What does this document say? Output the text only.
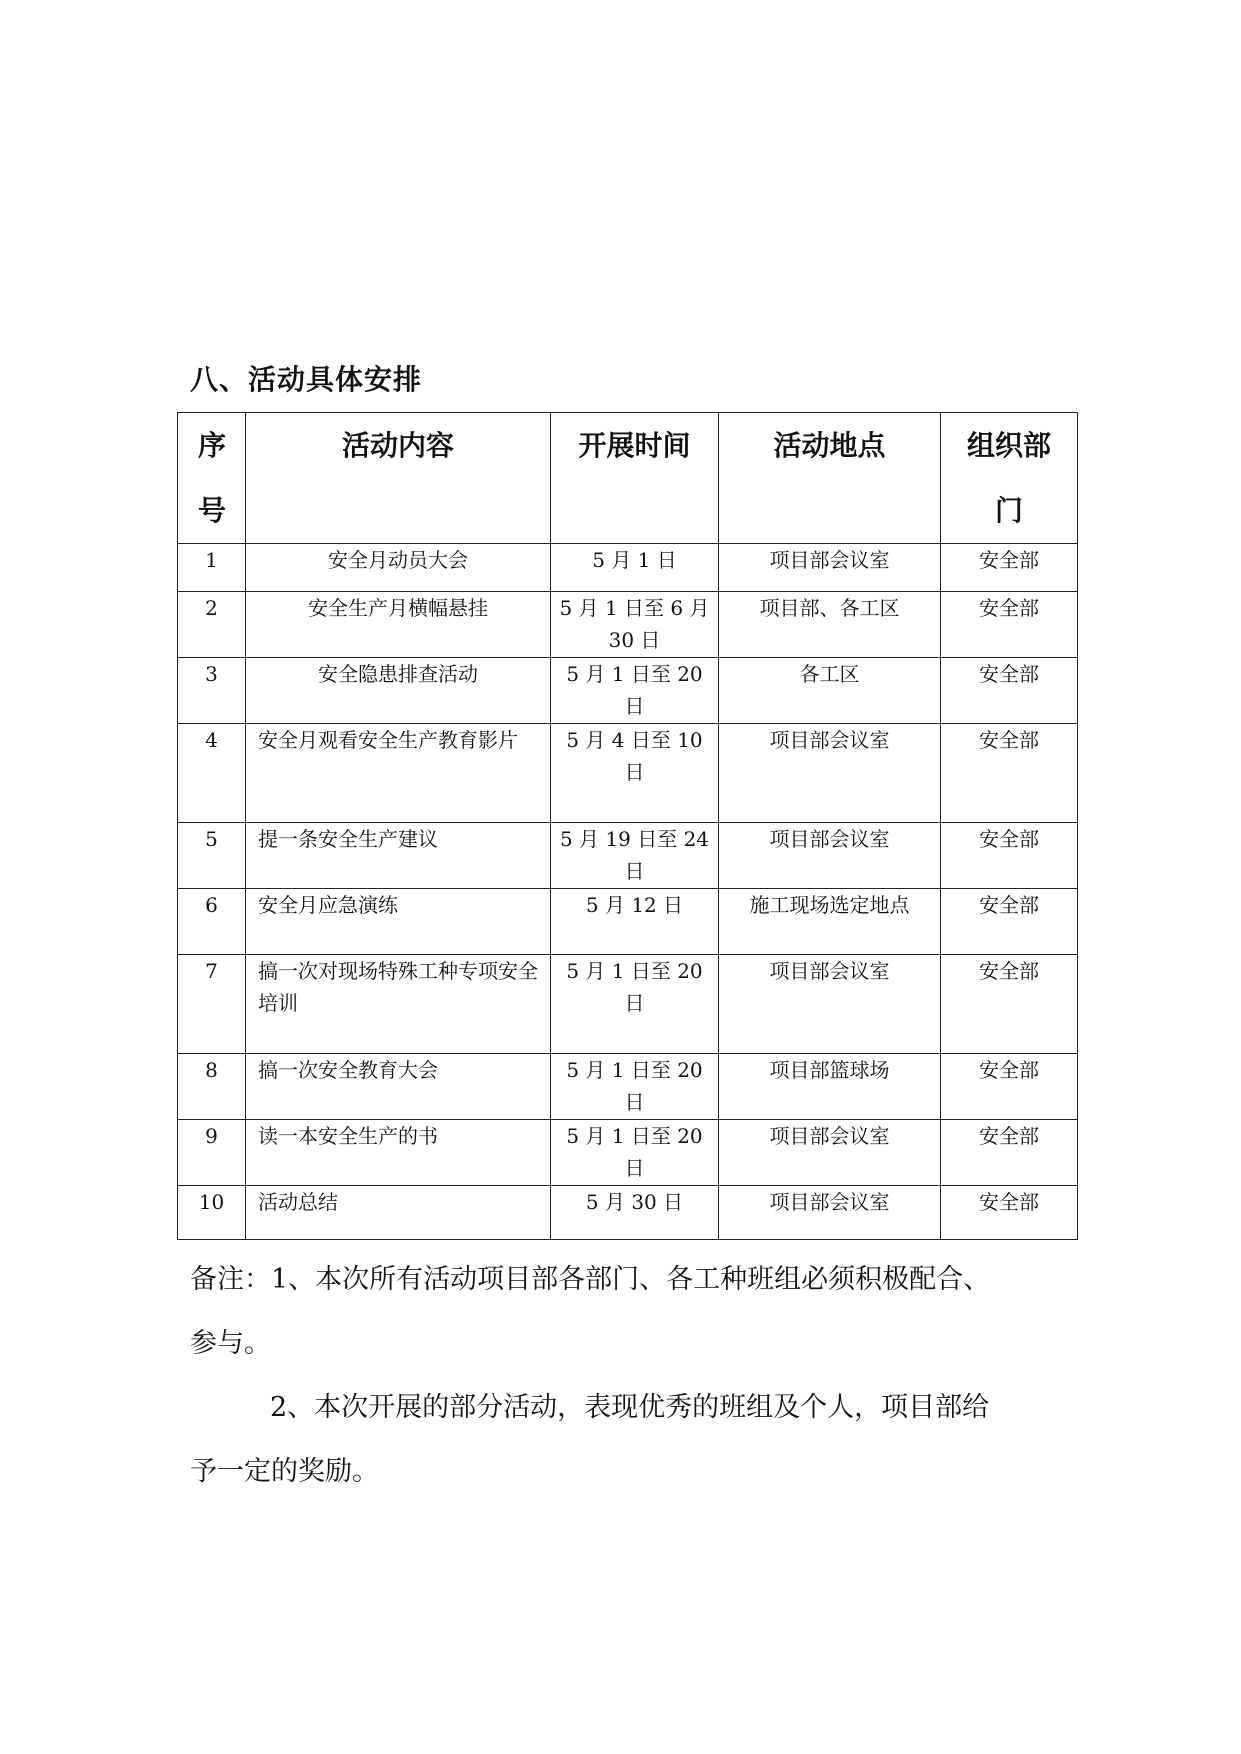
八、活动具体安排
序号	活动内容	开展时间	活动地点	组织部门
1	安全月动员大会	5 月 1 日	项目部会议室	安全部
2	安全生产月横幅悬挂	5 月 1 日至 6 月 30 日	项目部、各工区	安全部
3	安全隐患排查活动	5 月 1 日至 20 日	各工区	安全部
4	安全月观看安全生产教育影片	5 月 4 日至 10 日	项目部会议室	安全部
5	提一条安全生产建议	5 月 19 日至 24 日	项目部会议室	安全部
6	安全月应急演练	5 月 12 日	施工现场选定地点	安全部
7	搞一次对现场特殊工种专项安全培训	5 月 1 日至 20 日	项目部会议室	安全部
8	搞一次安全教育大会	5 月 1 日至 20 日	项目部篮球场	安全部
9	读一本安全生产的书	5 月 1 日至 20 日	项目部会议室	安全部
10	活动总结	5 月 30 日	项目部会议室	安全部
备注：1、本次所有活动项目部各部门、各工种班组必须积极配合、
参与。
2、本次开展的部分活动，表现优秀的班组及个人，项目部给
予一定的奖励。
